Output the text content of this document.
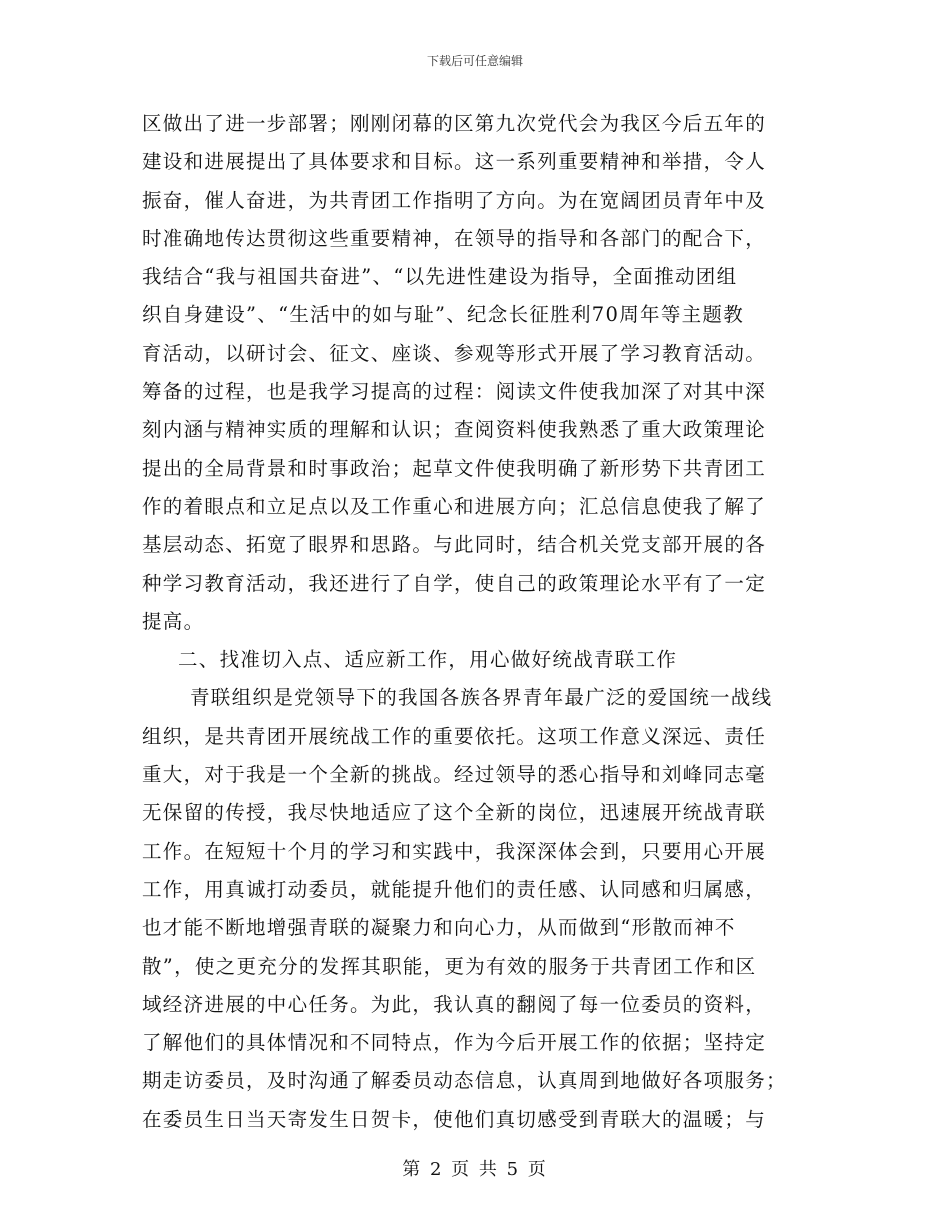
下载后可任意编辑
区做出了进一步部署；刚刚闭幕的区第九次党代会为我区今后五年的
建设和进展提出了具体要求和目标。这一系列重要精神和举措，令人
振奋，催人奋进，为共青团工作指明了方向。为在宽阔团员青年中及
时准确地传达贯彻这些重要精神，在领导的指导和各部门的配合下，
我结合“我与祖国共奋进”、“以先进性建设为指导，全面推动团组
织自身建设”、“生活中的如与耻”、纪念长征胜利70周年等主题教
育活动，以研讨会、征文、座谈、参观等形式开展了学习教育活动。
筹备的过程，也是我学习提高的过程：阅读文件使我加深了对其中深
刻内涵与精神实质的理解和认识；查阅资料使我熟悉了重大政策理论
提出的全局背景和时事政治；起草文件使我明确了新形势下共青团工
作的着眼点和立足点以及工作重心和进展方向；汇总信息使我了解了
基层动态、拓宽了眼界和思路。与此同时，结合机关党支部开展的各
种学习教育活动，我还进行了自学，使自己的政策理论水平有了一定
提高。
二、找准切入点、适应新工作，用心做好统战青联工作
青联组织是党领导下的我国各族各界青年最广泛的爱国统一战线
组织，是共青团开展统战工作的重要依托。这项工作意义深远、责任
重大，对于我是一个全新的挑战。经过领导的悉心指导和刘峰同志毫
无保留的传授，我尽快地适应了这个全新的岗位，迅速展开统战青联
工作。在短短十个月的学习和实践中，我深深体会到，只要用心开展
工作，用真诚打动委员，就能提升他们的责任感、认同感和归属感，
也才能不断地增强青联的凝聚力和向心力，从而做到“形散而神不
散”，使之更充分的发挥其职能，更为有效的服务于共青团工作和区
域经济进展的中心任务。为此，我认真的翻阅了每一位委员的资料，
了解他们的具体情况和不同特点，作为今后开展工作的依据；坚持定
期走访委员，及时沟通了解委员动态信息，认真周到地做好各项服务；
在委员生日当天寄发生日贺卡，使他们真切感受到青联大的温暖；与
第 2 页 共 5 页
